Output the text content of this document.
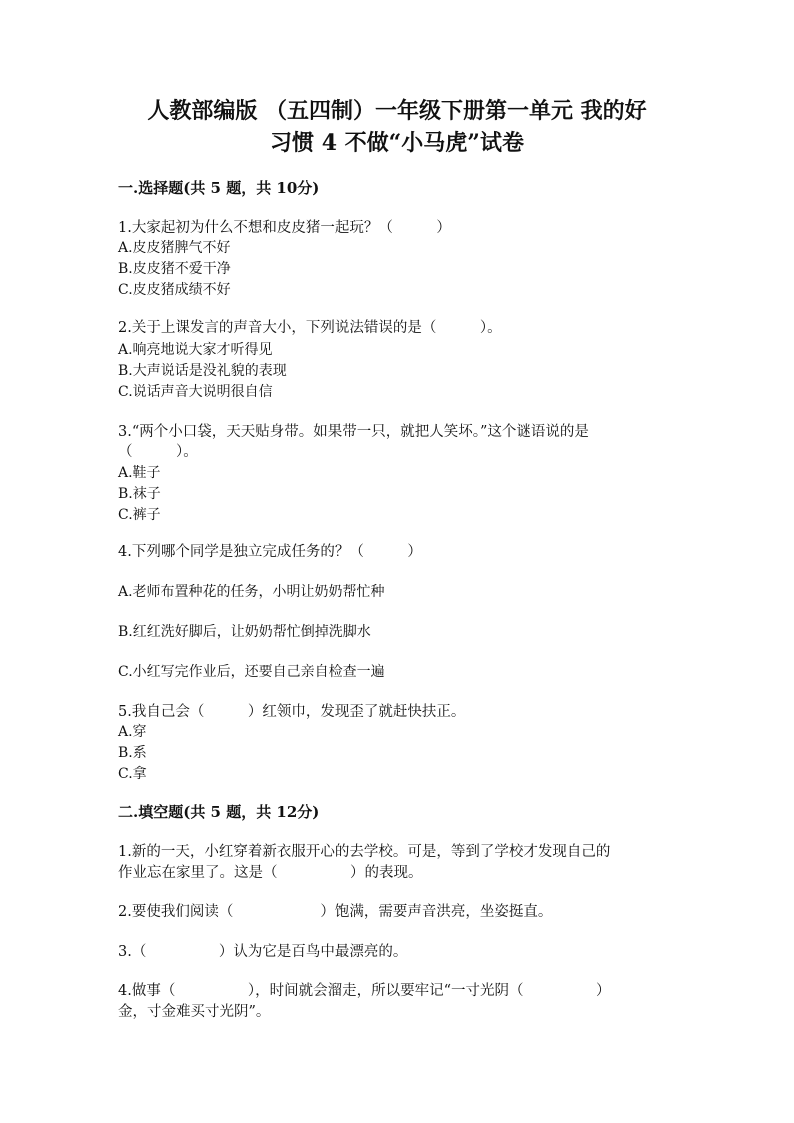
人教部编版 （五四制）一年级下册第一单元 我的好
习惯 4 不做“小马虎”试卷
一.选择题(共 5 题，共 10分)
1.大家起初为什么不想和皮皮猪一起玩？（　　　）
A.皮皮猪脾气不好
B.皮皮猪不爱干净
C.皮皮猪成绩不好
2.关于上课发言的声音大小，下列说法错误的是（　　　）。
A.响亮地说大家才听得见
B.大声说话是没礼貌的表现
C.说话声音大说明很自信
3.“两个小口袋，天天贴身带。如果带一只，就把人笑坏。”这个谜语说的是
（　　　）。
A.鞋子
B.袜子
C.裤子
4.下列哪个同学是独立完成任务的？（　　　）
A.老师布置种花的任务，小明让奶奶帮忙种
B.红红洗好脚后，让奶奶帮忙倒掉洗脚水
C.小红写完作业后，还要自己亲自检查一遍
5.我自己会（　　　）红领巾，发现歪了就赶快扶正。
A.穿
B.系
C.拿
二.填空题(共 5 题，共 12分)
1.新的一天，小红穿着新衣服开心的去学校。可是，等到了学校才发现自己的
作业忘在家里了。这是（　　　　　）的表现。
2.要使我们阅读（　　　　　　）饱满，需要声音洪亮，坐姿挺直。
3.（　　　　　）认为它是百鸟中最漂亮的。
4.做事（　　　　　），时间就会溜走，所以要牢记“一寸光阴（　　　　　）
金，寸金难买寸光阴”。
